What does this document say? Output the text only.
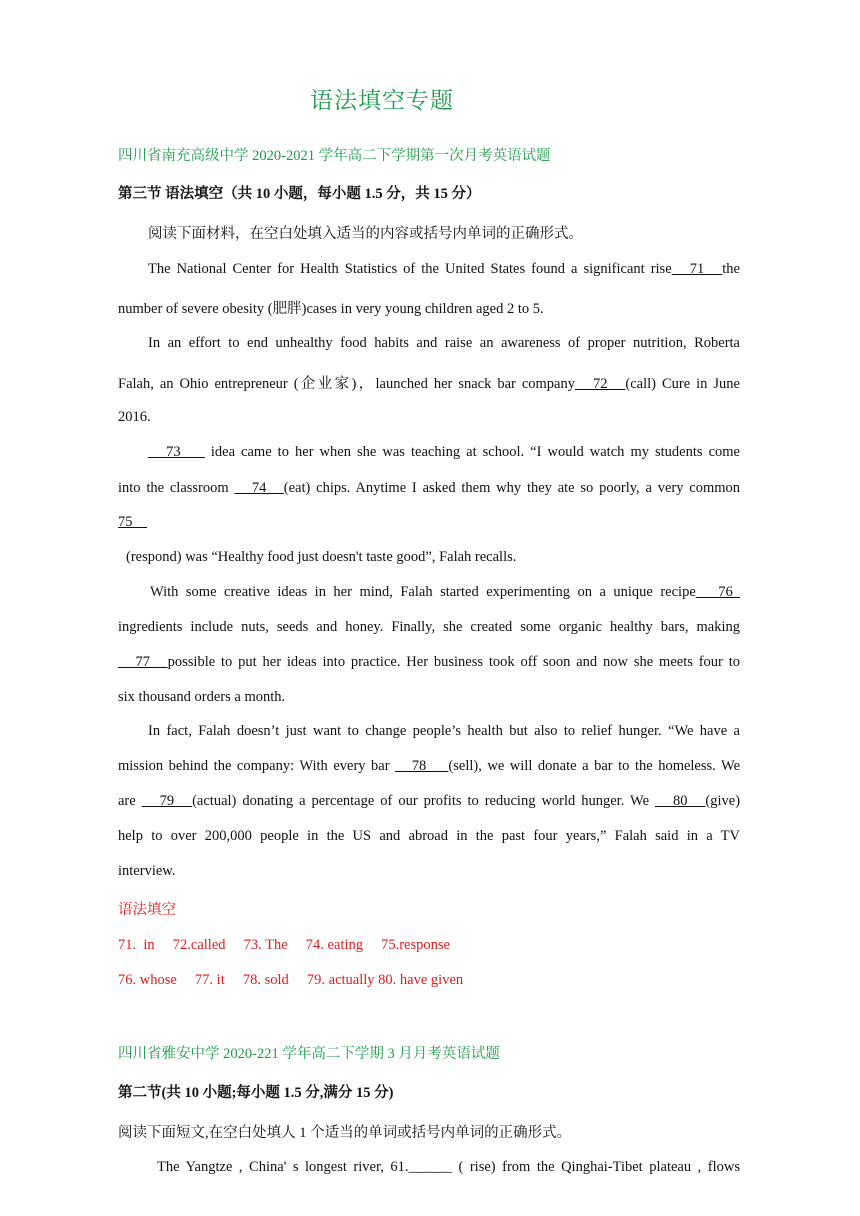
语法填空专题
四川省南充高级中学 2020-2021 学年高二下学期第一次月考英语试题
第三节 语法填空（共 10 小题，每小题 1.5 分，共 15 分）
阅读下面材料，在空白处填入适当的内容或括号内单词的正确形式。
The National Center for Health Statistics of the United States found a significant rise   71   the
number of severe obesity (肥胖)cases in very young children aged 2 to 5.
In an effort to end unhealthy food habits and raise an awareness of proper nutrition, Roberta
Falah, an Ohio entrepreneur (企业家)，launched her snack bar company   72   (call) Cure in June
2016.
73     idea came to her when she was teaching at school. “I would watch my students come
into the classroom    74   (eat) chips. Anytime I asked them why they ate so poorly, a very common
75
(respond) was “Healthy food just doesn't taste good”, Falah recalls.
With some creative ideas in her mind, Falah started experimenting on a unique recipe   76
ingredients include nuts, seeds and honey. Finally, she created some organic healthy bars, making
77   possible to put her ideas into practice. Her business took off soon and now she meets four to
six thousand orders a month.
In fact, Falah doesn’t just want to change people’s health but also to relief hunger. “We have a
mission behind the company: With every bar    78    (sell), we will donate a bar to the homeless. We
are    79   (actual) donating a percentage of our profits to reducing world hunger. We    80   (give)
help to over 200,000 people in the US and abroad in the past four years,” Falah said in a TV
interview.
语法填空
71.  in     72.called     73. The     74. eating     75.response
76. whose     77. it     78. sold     79. actually 80. have given
四川省雅安中学 2020-221 学年高二下学期 3 月月考英语试题
第二节(共 10 小题;每小题 1.5 分,满分 15 分)
阅读下面短文,在空白处填人 1 个适当的单词或括号内单词的正确形式。
The Yangtze , China' s longest river, 61.______ ( rise) from the Qinghai-Tibet plateau , flows
